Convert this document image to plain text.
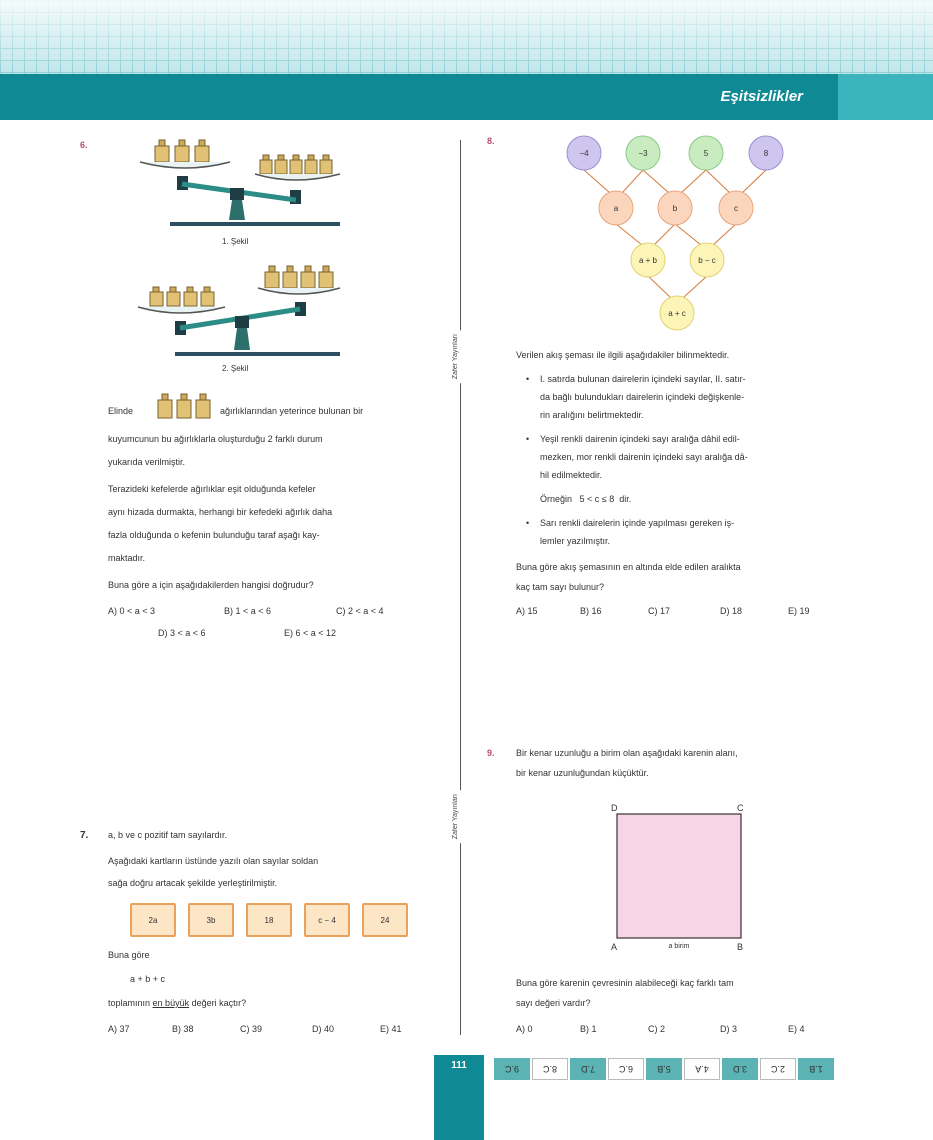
Eşitsizlikler
Zafer Yayınları
Zafer Yayınları
6.
1. Şekil
2. Şekil
Elinde	ağırlıklarından yeterince bulunan bir
kuyumcunun bu ağırlıklarla oluşturduğu 2 farklı durum
yukarıda verilmiştir.
Terazideki kefelerde ağırlıklar eşit olduğunda kefeler
aynı hizada durmakta, herhangi bir kefedeki ağırlık daha
fazla olduğunda o kefenin bulunduğu taraf aşağı kay-
maktadır.
Buna göre a için aşağıdakilerden hangisi doğrudur?
A) 0 < a < 3	B) 1 < a < 6	C) 2 < a < 4
D) 3 < a < 6	E) 6 < a < 12
7. a, b ve c pozitif tam sayılardır.
Aşağıdaki kartların üstünde yazılı olan sayılar soldan
sağa doğru artacak şekilde yerleştirilmiştir.
2a	3b	18	c − 4	24
Buna göre
a + b + c
toplamının en büyük değeri kaçtır?
A) 37	B) 38	C) 39	D) 40	E) 41
8.
−4	−3	5	8
a	b	c
a + b	b − c
a + c
Verilen akış şeması ile ilgili aşağıdakiler bilinmektedir.
• I. satırda bulunan dairelerin içindeki sayılar, II. satır-
da bağlı bulundukları dairelerin içindeki değişkenle-
rin aralığını belirtmektedir.
• Yeşil renkli dairenin içindeki sayı aralığa dâhil edil-
mezken, mor renkli dairenin içindeki sayı aralığa dâ-
hil edilmektedir.
Örneğin 5 < c ≤ 8 dir.
• Sarı renkli dairelerin içinde yapılması gereken iş-
lemler yazılmıştır.
Buna göre akış şemasının en altında elde edilen aralıkta
kaç tam sayı bulunur?
A) 15	B) 16	C) 17	D) 18	E) 19
9. Bir kenar uzunluğu a birim olan aşağıdaki karenin alanı,
bir kenar uzunluğundan küçüktür.
D	C
A	B
a birim
Buna göre karenin çevresinin alabileceği kaç farklı tam
sayı değeri vardır?
A) 0	B) 1	C) 2	D) 3	E) 4
111	9.C	8.C	7.D	6.C	5.B	4.A	3.D	2.C	1.B
